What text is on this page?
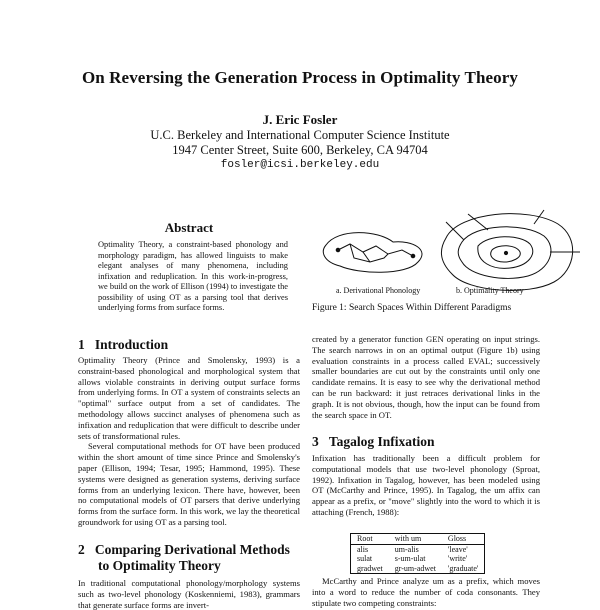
On Reversing the Generation Process in Optimality Theory
J. Eric Fosler
U.C. Berkeley and International Computer Science Institute
1947 Center Street, Suite 600, Berkeley, CA 94704
fosler@icsi.berkeley.edu
Abstract
Optimality Theory, a constraint-based phonology and morphology paradigm, has allowed linguists to make elegant analyses of many phenomena, including infixation and reduplication. In this work-in-progress, we build on the work of Ellison (1994) to investigate the possibility of using OT as a parsing tool that derives underlying forms from surface forms.
a. Derivational Phonology	b. Optimality Theory
Figure 1: Search Spaces Within Different Paradigms
1 Introduction

Optimality Theory (Prince and Smolensky, 1993) is a constraint-based phonological and morphological system that allows violable constraints in deriving output surface forms from underlying forms. In OT a system of constraints selects an "optimal" surface output from a set of candidates. The methodology allows succinct analyses of phenomena such as infixation and reduplication that were difficult to describe under sets of transformational rules.

Several computational methods for OT have been produced within the short amount of time since Prince and Smolensky's paper (Ellison, 1994; Tesar, 1995; Hammond, 1995). These systems were designed as generation systems, deriving surface forms from an underlying lexicon. There have, however, been no computational models of OT parsers that derive underlying forms from the surface form. In this work, we lay the theoretical groundwork for using OT as a parsing tool.

2 Comparing Derivational Methods
to Optimality Theory

In traditional computational phonology/morphology systems such as two-level phonology (Koskenniemi, 1983), grammars that generate surface forms are invert-

created by a generator function GEN operating on input strings. The search narrows in on an optimal output (Figure 1b) using evaluation constraints in a process called EVAL; successively smaller boundaries are cut out by the constraints until only one candidate remains. It is easy to see why the derivational method can be run backward: it just retraces derivational links in the graph. It is not obvious, though, how the input can be found from the search space in OT.

3 Tagalog Infixation

Infixation has traditionally been a difficult problem for computational models that use two-level phonology (Sproat, 1992). Infixation in Tagalog, however, has been modeled using OT (McCarthy and Prince, 1995). In Tagalog, the um affix can appear as a prefix, or "move" slightly into the word to which it is attaching (French, 1988):

Root	with um	Gloss
alis	um-alis	'leave'
sulat	s-um-ulat	'write'
gradwet	gr-um-adwet	'graduate'

McCarthy and Prince analyze um as a prefix, which moves into a word to reduce the number of coda consonants. They stipulate two competing constraints:
